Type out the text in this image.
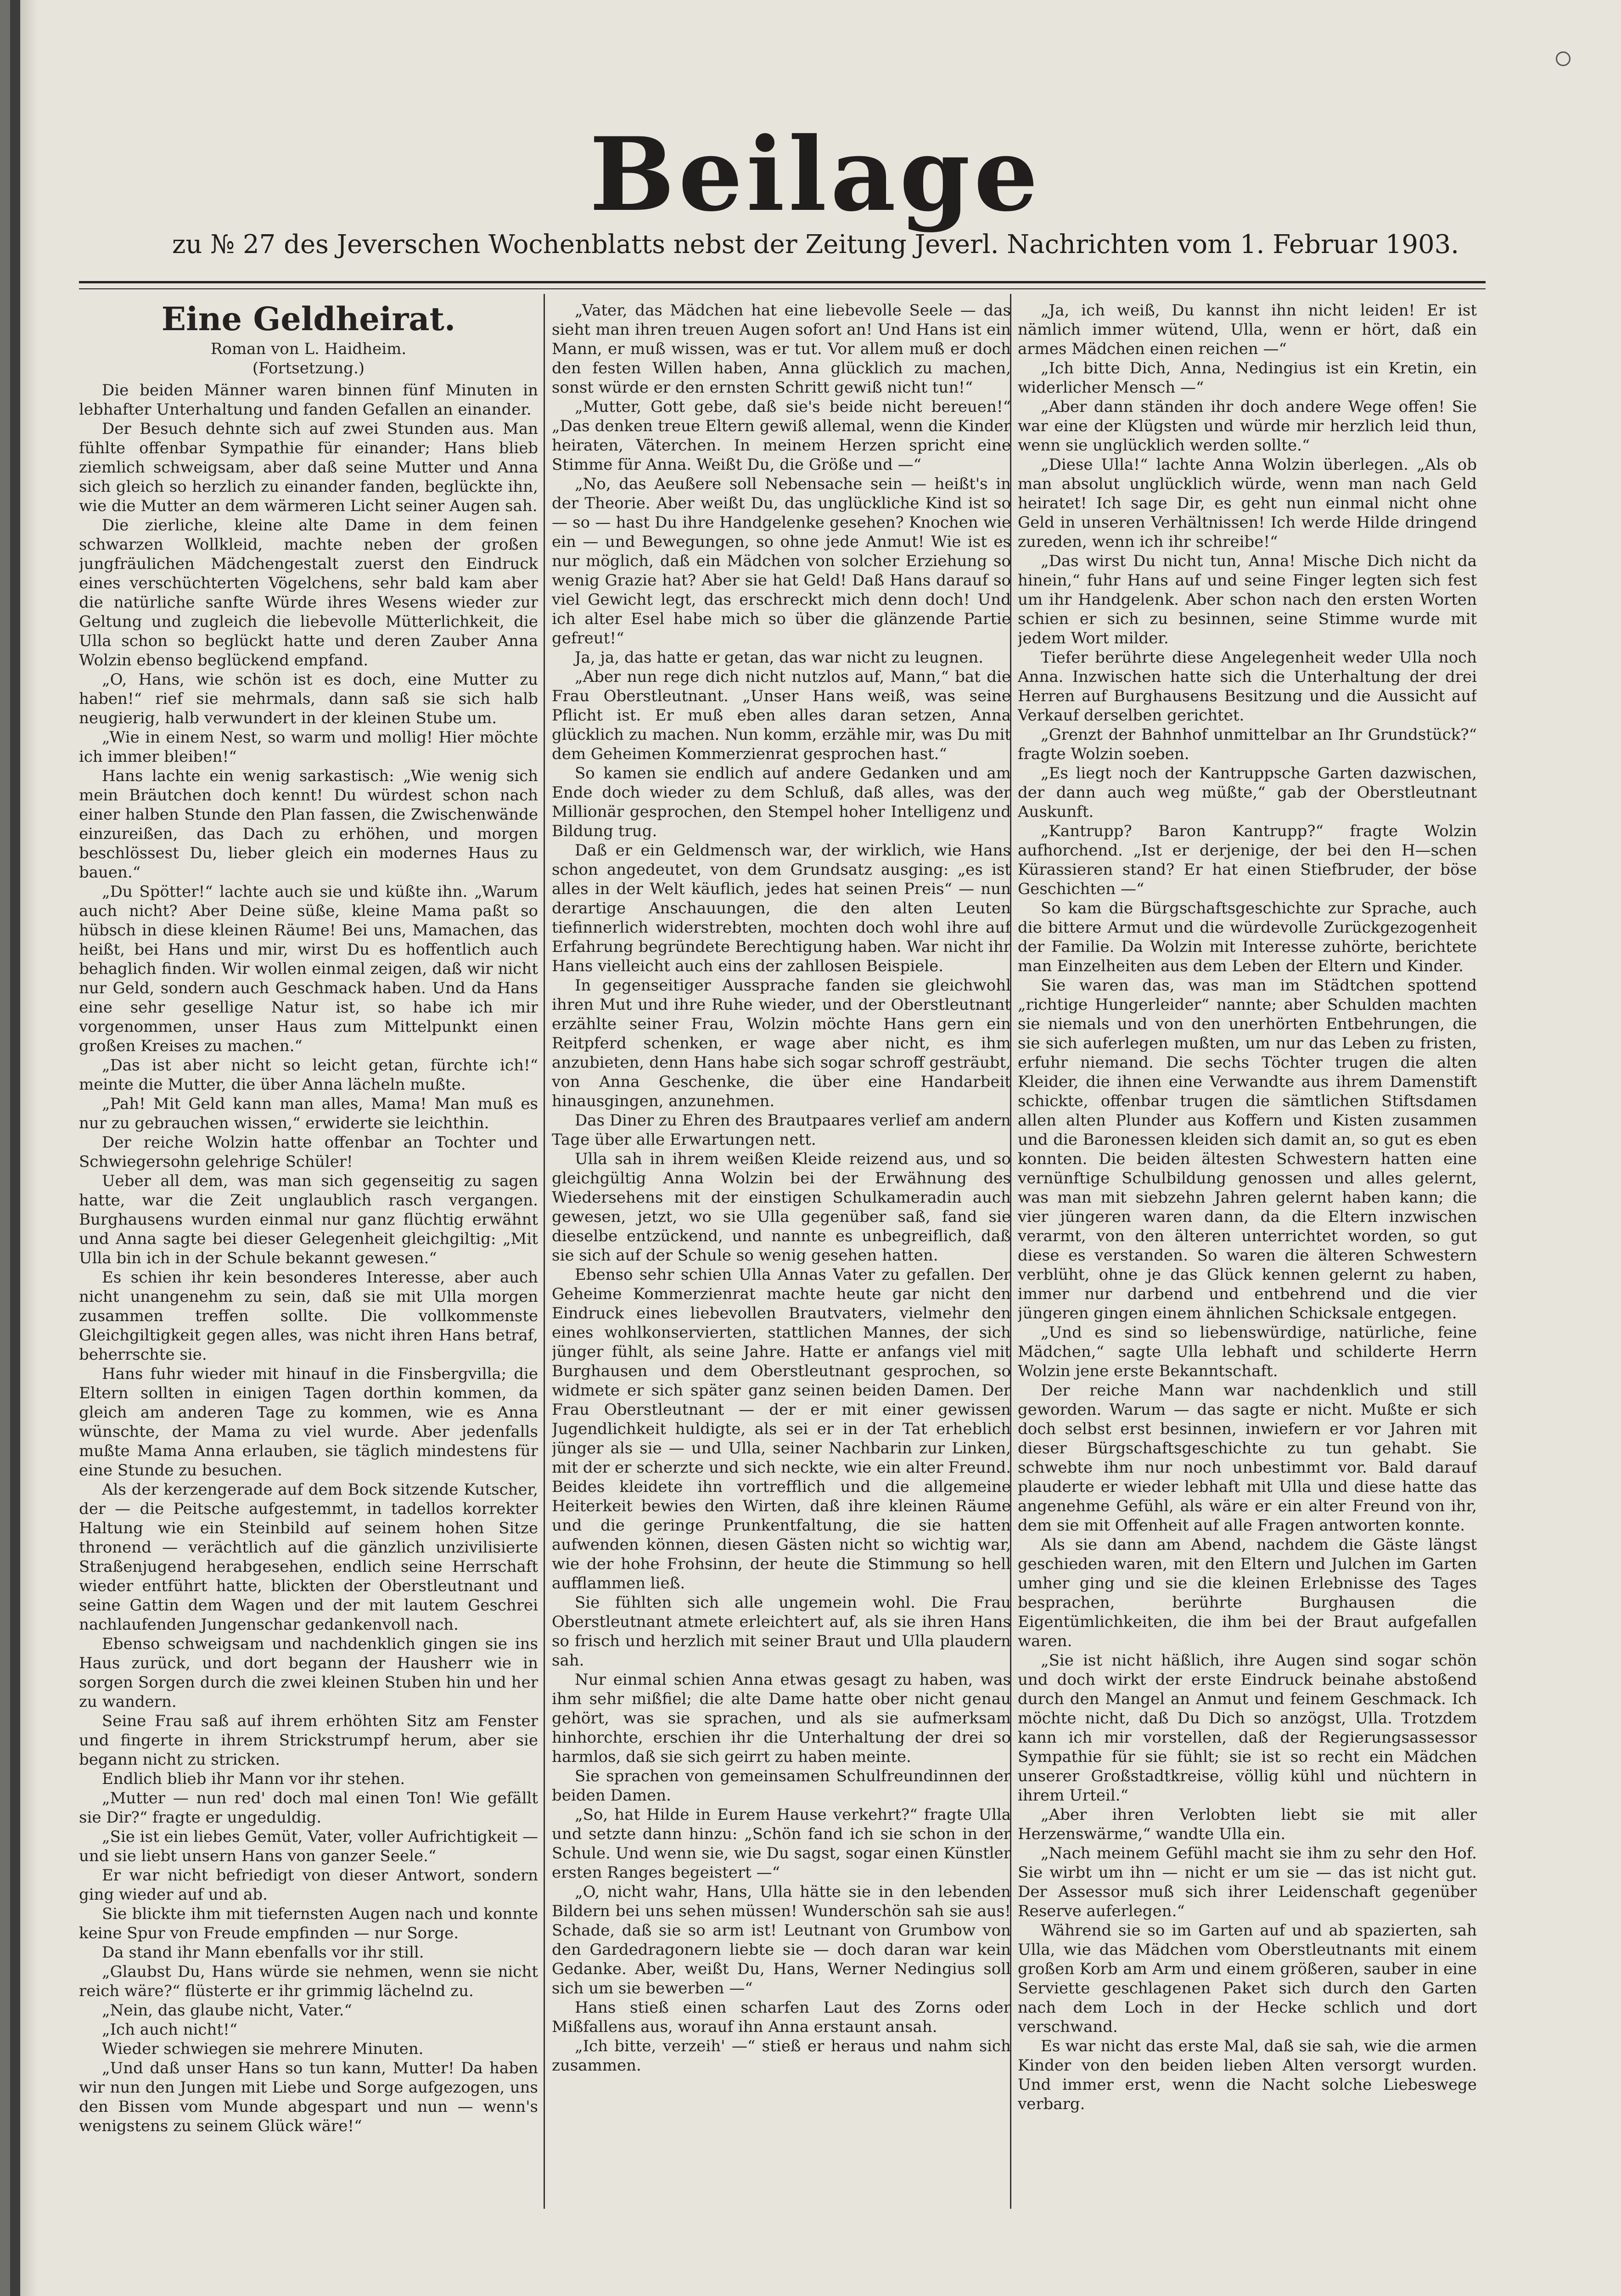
Beilage
zu № 27 des Jeverschen Wochenblatts nebst der Zeitung Jeverl. Nachrichten vom 1. Februar 1903.
Eine Geldheirat.
Roman von L. Haidheim.
(Fortsetzung.)

Die beiden Männer waren binnen fünf Minuten in lebhafter Unterhaltung und fanden Gefallen an einander.

Der Besuch dehnte sich auf zwei Stunden aus. Man fühlte offenbar Sympathie für einander; Hans blieb ziemlich schweigsam, aber daß seine Mutter und Anna sich gleich so herzlich zu einander fanden, beglückte ihn, wie die Mutter an dem wärmeren Licht seiner Augen sah.

Die zierliche, kleine alte Dame in dem feinen schwarzen Wollkleid, machte neben der großen jungfräulichen Mädchengestalt zuerst den Eindruck eines verschüchterten Vögelchens, sehr bald kam aber die natürliche sanfte Würde ihres Wesens wieder zur Geltung und zugleich die liebevolle Mütterlichkeit, die Ulla schon so beglückt hatte und deren Zauber Anna Wolzin ebenso beglückend empfand.

„O, Hans, wie schön ist es doch, eine Mutter zu haben!“ rief sie mehrmals, dann saß sie sich halb neugierig, halb verwundert in der kleinen Stube um.

„Wie in einem Nest, so warm und mollig! Hier möchte ich immer bleiben!“

Hans lachte ein wenig sarkastisch: „Wie wenig sich mein Bräutchen doch kennt! Du würdest schon nach einer halben Stunde den Plan fassen, die Zwischenwände einzureißen, das Dach zu erhöhen, und morgen beschlössest Du, lieber gleich ein modernes Haus zu bauen.“

„Du Spötter!“ lachte auch sie und küßte ihn. „Warum auch nicht? Aber Deine süße, kleine Mama paßt so hübsch in diese kleinen Räume! Bei uns, Mamachen, das heißt, bei Hans und mir, wirst Du es hoffentlich auch behaglich finden. Wir wollen einmal zeigen, daß wir nicht nur Geld, sondern auch Geschmack haben. Und da Hans eine sehr gesellige Natur ist, so habe ich mir vorgenommen, unser Haus zum Mittelpunkt einen großen Kreises zu machen.“

„Das ist aber nicht so leicht getan, fürchte ich!“ meinte die Mutter, die über Anna lächeln mußte.

„Pah! Mit Geld kann man alles, Mama! Man muß es nur zu gebrauchen wissen,“ erwiderte sie leichthin.

Der reiche Wolzin hatte offenbar an Tochter und Schwiegersohn gelehrige Schüler!

Ueber all dem, was man sich gegenseitig zu sagen hatte, war die Zeit unglaublich rasch vergangen. Burghausens wurden einmal nur ganz flüchtig erwähnt und Anna sagte bei dieser Gelegenheit gleichgiltig: „Mit Ulla bin ich in der Schule bekannt gewesen.“

Es schien ihr kein besonderes Interesse, aber auch nicht unangenehm zu sein, daß sie mit Ulla morgen zusammen treffen sollte. Die vollkommenste Gleichgiltigkeit gegen alles, was nicht ihren Hans betraf, beherrschte sie.

Hans fuhr wieder mit hinauf in die Finsbergvilla; die Eltern sollten in einigen Tagen dorthin kommen, da gleich am anderen Tage zu kommen, wie es Anna wünschte, der Mama zu viel wurde. Aber jedenfalls mußte Mama Anna erlauben, sie täglich mindestens für eine Stunde zu besuchen.

Als der kerzengerade auf dem Bock sitzende Kutscher, der — die Peitsche aufgestemmt, in tadellos korrekter Haltung wie ein Steinbild auf seinem hohen Sitze thronend — verächtlich auf die gänzlich unzivilisierte Straßenjugend herabgesehen, endlich seine Herrschaft wieder entführt hatte, blickten der Oberstleutnant und seine Gattin dem Wagen und der mit lautem Geschrei nachlaufenden Jungenschar gedankenvoll nach.

Ebenso schweigsam und nachdenklich gingen sie ins Haus zurück, und dort begann der Hausherr wie in sorgen Sorgen durch die zwei kleinen Stuben hin und her zu wandern.

Seine Frau saß auf ihrem erhöhten Sitz am Fenster und fingerte in ihrem Strickstrumpf herum, aber sie begann nicht zu stricken.

Endlich blieb ihr Mann vor ihr stehen.

„Mutter — nun red' doch mal einen Ton! Wie gefällt sie Dir?“ fragte er ungeduldig.

„Sie ist ein liebes Gemüt, Vater, voller Aufrichtigkeit — und sie liebt unsern Hans von ganzer Seele.“

Er war nicht befriedigt von dieser Antwort, sondern ging wieder auf und ab.

Sie blickte ihm mit tiefernsten Augen nach und konnte keine Spur von Freude empfinden — nur Sorge.

Da stand ihr Mann ebenfalls vor ihr still.

„Glaubst Du, Hans würde sie nehmen, wenn sie nicht reich wäre?“ flüsterte er ihr grimmig lächelnd zu.

„Nein, das glaube nicht, Vater.“

„Ich auch nicht!“

Wieder schwiegen sie mehrere Minuten.

„Und daß unser Hans so tun kann, Mutter! Da haben wir nun den Jungen mit Liebe und Sorge aufgezogen, uns den Bissen vom Munde abgespart und nun — wenn's wenigstens zu seinem Glück wäre!“

„Vater, das Mädchen hat eine liebevolle Seele — das sieht man ihren treuen Augen sofort an! Und Hans ist ein Mann, er muß wissen, was er tut. Vor allem muß er doch den festen Willen haben, Anna glücklich zu machen, sonst würde er den ernsten Schritt gewiß nicht tun!“

„Mutter, Gott gebe, daß sie's beide nicht bereuen!“ „Das denken treue Eltern gewiß allemal, wenn die Kinder heiraten, Väterchen. In meinem Herzen spricht eine Stimme für Anna. Weißt Du, die Größe und —“

„No, das Aeußere soll Nebensache sein — heißt's in der Theorie. Aber weißt Du, das unglückliche Kind ist so — so — hast Du ihre Handgelenke gesehen? Knochen wie ein — und Bewegungen, so ohne jede Anmut! Wie ist es nur möglich, daß ein Mädchen von solcher Erziehung so wenig Grazie hat? Aber sie hat Geld! Daß Hans darauf so viel Gewicht legt, das erschreckt mich denn doch! Und ich alter Esel habe mich so über die glänzende Partie gefreut!“

Ja, ja, das hatte er getan, das war nicht zu leugnen.

„Aber nun rege dich nicht nutzlos auf, Mann,“ bat die Frau Oberstleutnant. „Unser Hans weiß, was seine Pflicht ist. Er muß eben alles daran setzen, Anna glücklich zu machen. Nun komm, erzähle mir, was Du mit dem Geheimen Kommerzienrat gesprochen hast.“

So kamen sie endlich auf andere Gedanken und am Ende doch wieder zu dem Schluß, daß alles, was der Millionär gesprochen, den Stempel hoher Intelligenz und Bildung trug.

Daß er ein Geldmensch war, der wirklich, wie Hans schon angedeutet, von dem Grundsatz ausging: „es ist alles in der Welt käuflich, jedes hat seinen Preis“ — nun derartige Anschauungen, die den alten Leuten tiefinnerlich widerstrebten, mochten doch wohl ihre auf Erfahrung begründete Berechtigung haben. War nicht ihr Hans vielleicht auch eins der zahllosen Beispiele.

In gegenseitiger Aussprache fanden sie gleichwohl ihren Mut und ihre Ruhe wieder, und der Oberstleutnant erzählte seiner Frau, Wolzin möchte Hans gern ein Reitpferd schenken, er wage aber nicht, es ihm anzubieten, denn Hans habe sich sogar schroff gesträubt, von Anna Geschenke, die über eine Handarbeit hinausgingen, anzunehmen.

Das Diner zu Ehren des Brautpaares verlief am andern Tage über alle Erwartungen nett.

Ulla sah in ihrem weißen Kleide reizend aus, und so gleichgültig Anna Wolzin bei der Erwähnung des Wiedersehens mit der einstigen Schulkameradin auch gewesen, jetzt, wo sie Ulla gegenüber saß, fand sie dieselbe entzückend, und nannte es unbegreiflich, daß sie sich auf der Schule so wenig gesehen hatten.

Ebenso sehr schien Ulla Annas Vater zu gefallen. Der Geheime Kommerzienrat machte heute gar nicht den Eindruck eines liebevollen Brautvaters, vielmehr den eines wohlkonservierten, stattlichen Mannes, der sich jünger fühlt, als seine Jahre. Hatte er anfangs viel mit Burghausen und dem Oberstleutnant gesprochen, so widmete er sich später ganz seinen beiden Damen. Der Frau Oberstleutnant — der er mit einer gewissen Jugendlichkeit huldigte, als sei er in der Tat erheblich jünger als sie — und Ulla, seiner Nachbarin zur Linken, mit der er scherzte und sich neckte, wie ein alter Freund. Beides kleidete ihn vortrefflich und die allgemeine Heiterkeit bewies den Wirten, daß ihre kleinen Räume und die geringe Prunkentfaltung, die sie hatten aufwenden können, diesen Gästen nicht so wichtig war, wie der hohe Frohsinn, der heute die Stimmung so hell aufflammen ließ.

Sie fühlten sich alle ungemein wohl. Die Frau Oberstleutnant atmete erleichtert auf, als sie ihren Hans so frisch und herzlich mit seiner Braut und Ulla plaudern sah.

Nur einmal schien Anna etwas gesagt zu haben, was ihm sehr mißfiel; die alte Dame hatte ober nicht genau gehört, was sie sprachen, und als sie aufmerksam hinhorchte, erschien ihr die Unterhaltung der drei so harmlos, daß sie sich geirrt zu haben meinte.

Sie sprachen von gemeinsamen Schulfreundinnen der beiden Damen.

„So, hat Hilde in Eurem Hause verkehrt?“ fragte Ulla und setzte dann hinzu: „Schön fand ich sie schon in der Schule. Und wenn sie, wie Du sagst, sogar einen Künstler ersten Ranges begeistert —“

„O, nicht wahr, Hans, Ulla hätte sie in den lebenden Bildern bei uns sehen müssen! Wunderschön sah sie aus! Schade, daß sie so arm ist! Leutnant von Grumbow von den Gardedragonern liebte sie — doch daran war kein Gedanke. Aber, weißt Du, Hans, Werner Nedingius soll sich um sie bewerben —“

Hans stieß einen scharfen Laut des Zorns oder Mißfallens aus, worauf ihn Anna erstaunt ansah.

„Ich bitte, verzeih' —“ stieß er heraus und nahm sich zusammen.

„Ja, ich weiß, Du kannst ihn nicht leiden! Er ist nämlich immer wütend, Ulla, wenn er hört, daß ein armes Mädchen einen reichen —“

„Ich bitte Dich, Anna, Nedingius ist ein Kretin, ein widerlicher Mensch —“

„Aber dann ständen ihr doch andere Wege offen! Sie war eine der Klügsten und würde mir herzlich leid thun, wenn sie unglücklich werden sollte.“

„Diese Ulla!“ lachte Anna Wolzin überlegen. „Als ob man absolut unglücklich würde, wenn man nach Geld heiratet! Ich sage Dir, es geht nun einmal nicht ohne Geld in unseren Verhältnissen! Ich werde Hilde dringend zureden, wenn ich ihr schreibe!“

„Das wirst Du nicht tun, Anna! Mische Dich nicht da hinein,“ fuhr Hans auf und seine Finger legten sich fest um ihr Handgelenk. Aber schon nach den ersten Worten schien er sich zu besinnen, seine Stimme wurde mit jedem Wort milder.

Tiefer berührte diese Angelegenheit weder Ulla noch Anna. Inzwischen hatte sich die Unterhaltung der drei Herren auf Burghausens Besitzung und die Aussicht auf Verkauf derselben gerichtet.

„Grenzt der Bahnhof unmittelbar an Ihr Grundstück?“ fragte Wolzin soeben.

„Es liegt noch der Kantruppsche Garten dazwischen, der dann auch weg müßte,“ gab der Oberstleutnant Auskunft.

„Kantrupp? Baron Kantrupp?“ fragte Wolzin aufhorchend. „Ist er derjenige, der bei den H—schen Kürassieren stand? Er hat einen Stiefbruder, der böse Geschichten —“

So kam die Bürgschaftsgeschichte zur Sprache, auch die bittere Armut und die würdevolle Zurückgezogenheit der Familie. Da Wolzin mit Interesse zuhörte, berichtete man Einzelheiten aus dem Leben der Eltern und Kinder.

Sie waren das, was man im Städtchen spottend „richtige Hungerleider“ nannte; aber Schulden machten sie niemals und von den unerhörten Entbehrungen, die sie sich auferlegen mußten, um nur das Leben zu fristen, erfuhr niemand. Die sechs Töchter trugen die alten Kleider, die ihnen eine Verwandte aus ihrem Damenstift schickte, offenbar trugen die sämtlichen Stiftsdamen allen alten Plunder aus Koffern und Kisten zusammen und die Baronessen kleiden sich damit an, so gut es eben konnten. Die beiden ältesten Schwestern hatten eine vernünftige Schulbildung genossen und alles gelernt, was man mit siebzehn Jahren gelernt haben kann; die vier jüngeren waren dann, da die Eltern inzwischen verarmt, von den älteren unterrichtet worden, so gut diese es verstanden. So waren die älteren Schwestern verblüht, ohne je das Glück kennen gelernt zu haben, immer nur darbend und entbehrend und die vier jüngeren gingen einem ähnlichen Schicksale entgegen.

„Und es sind so liebenswürdige, natürliche, feine Mädchen,“ sagte Ulla lebhaft und schilderte Herrn Wolzin jene erste Bekanntschaft.

Der reiche Mann war nachdenklich und still geworden. Warum — das sagte er nicht. Mußte er sich doch selbst erst besinnen, inwiefern er vor Jahren mit dieser Bürgschaftsgeschichte zu tun gehabt. Sie schwebte ihm nur noch unbestimmt vor. Bald darauf plauderte er wieder lebhaft mit Ulla und diese hatte das angenehme Gefühl, als wäre er ein alter Freund von ihr, dem sie mit Offenheit auf alle Fragen antworten konnte.

Als sie dann am Abend, nachdem die Gäste längst geschieden waren, mit den Eltern und Julchen im Garten umher ging und sie die kleinen Erlebnisse des Tages besprachen, berührte Burghausen die Eigentümlichkeiten, die ihm bei der Braut aufgefallen waren.

„Sie ist nicht häßlich, ihre Augen sind sogar schön und doch wirkt der erste Eindruck beinahe abstoßend durch den Mangel an Anmut und feinem Geschmack. Ich möchte nicht, daß Du Dich so anzögst, Ulla. Trotzdem kann ich mir vorstellen, daß der Regierungsassessor Sympathie für sie fühlt; sie ist so recht ein Mädchen unserer Großstadtkreise, völlig kühl und nüchtern in ihrem Urteil.“

„Aber ihren Verlobten liebt sie mit aller Herzenswärme,“ wandte Ulla ein.

„Nach meinem Gefühl macht sie ihm zu sehr den Hof. Sie wirbt um ihn — nicht er um sie — das ist nicht gut. Der Assessor muß sich ihrer Leidenschaft gegenüber Reserve auferlegen.“

Während sie so im Garten auf und ab spazierten, sah Ulla, wie das Mädchen vom Oberstleutnants mit einem großen Korb am Arm und einem größeren, sauber in eine Serviette geschlagenen Paket sich durch den Garten nach dem Loch in der Hecke schlich und dort verschwand.

Es war nicht das erste Mal, daß sie sah, wie die armen Kinder von den beiden lieben Alten versorgt wurden. Und immer erst, wenn die Nacht solche Liebeswege verbarg.
